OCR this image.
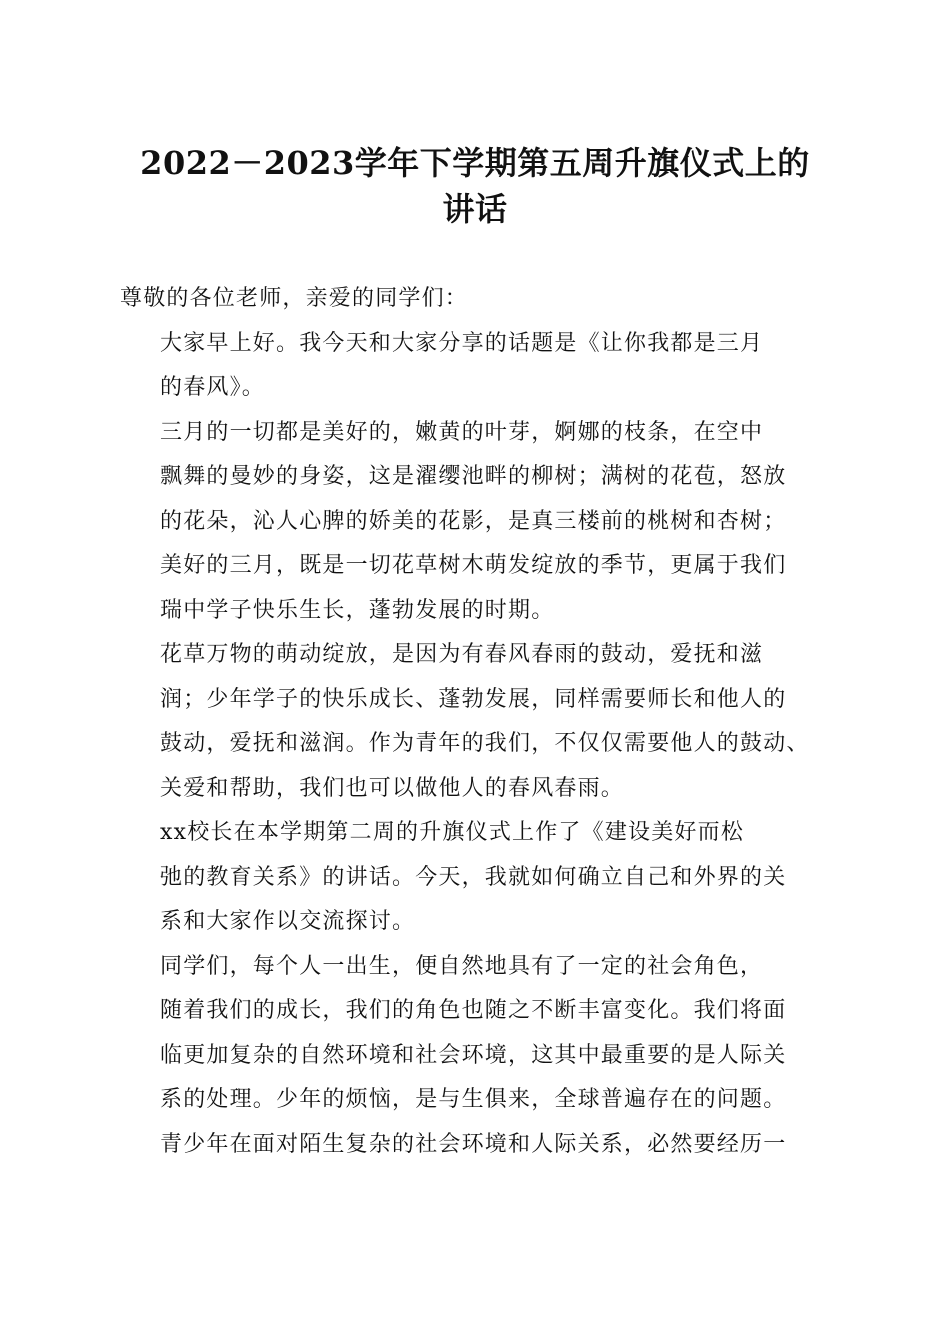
2022－2023学年下学期第五周升旗仪式上的
讲话

尊敬的各位老师，亲爱的同学们：

大家早上好。我今天和大家分享的话题是《让你我都是三月
的春风》。

三月的一切都是美好的，嫩黄的叶芽，婀娜的枝条，在空中
飘舞的曼妙的身姿，这是濯缨池畔的柳树；满树的花苞，怒放
的花朵，沁人心脾的娇美的花影，是真三楼前的桃树和杏树；
美好的三月，既是一切花草树木萌发绽放的季节，更属于我们
瑞中学子快乐生长，蓬勃发展的时期。

花草万物的萌动绽放，是因为有春风春雨的鼓动，爱抚和滋
润；少年学子的快乐成长、蓬勃发展，同样需要师长和他人的
鼓动，爱抚和滋润。作为青年的我们，不仅仅需要他人的鼓动、
关爱和帮助，我们也可以做他人的春风春雨。

xx校长在本学期第二周的升旗仪式上作了《建设美好而松
弛的教育关系》的讲话。今天，我就如何确立自己和外界的关
系和大家作以交流探讨。

同学们，每个人一出生，便自然地具有了一定的社会角色，
随着我们的成长，我们的角色也随之不断丰富变化。我们将面
临更加复杂的自然环境和社会环境，这其中最重要的是人际关
系的处理。少年的烦恼，是与生俱来，全球普遍存在的问题。
青少年在面对陌生复杂的社会环境和人际关系，必然要经历一
